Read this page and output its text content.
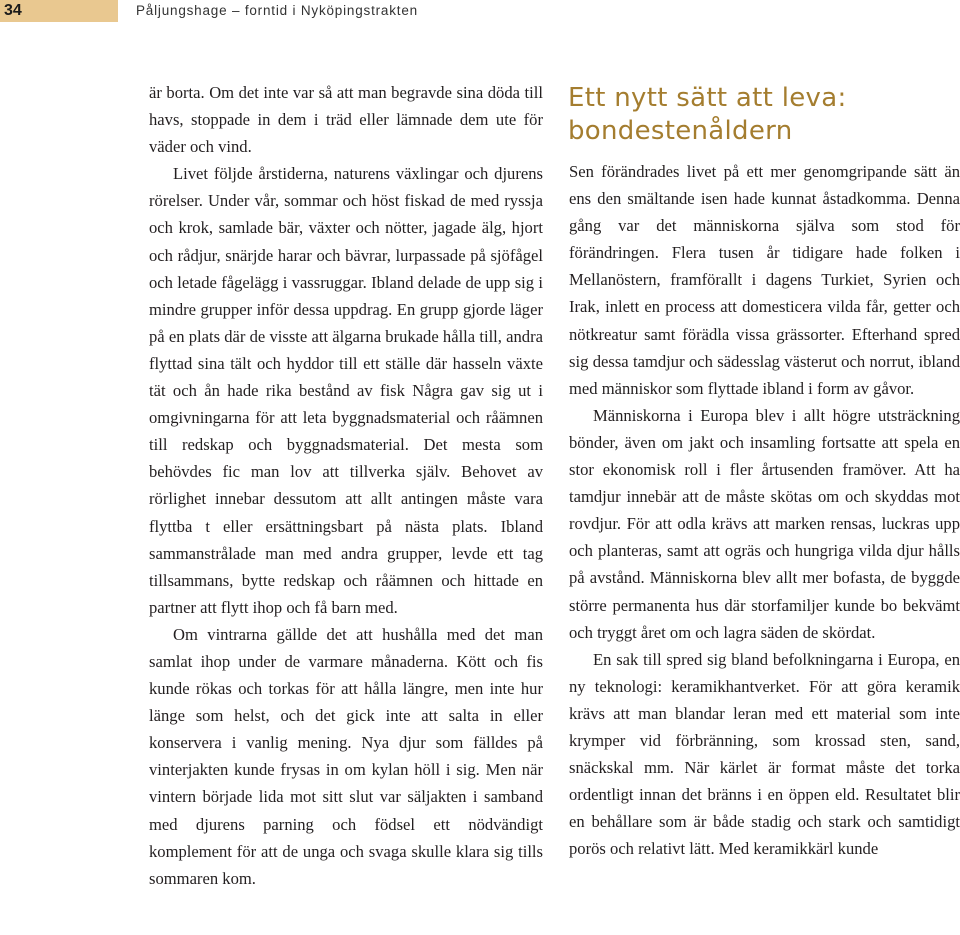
34	Påljungshage – forntid i Nyköpingstrakten

är borta. Om det inte var så att man begravde sina döda till havs, stoppade in dem i träd eller lämnade dem ute för väder och vind.

Livet följde årstiderna, naturens växlingar och djurens rörelser. Under vår, sommar och höst fiskad de med ryssja och krok, samlade bär, växter och nötter, jagade älg, hjort och rådjur, snärjde harar och bävrar, lurpassade på sjöfågel och letade fågelägg i vassruggar. Ibland delade de upp sig i mindre grupper inför dessa uppdrag. En grupp gjorde läger på en plats där de visste att älgarna brukade hålla till, andra flyttad sina tält och hyddor till ett ställe där hasseln växte tät och ån hade rika bestånd av fisk Några gav sig ut i omgivningarna för att leta byggnadsmaterial och råämnen till redskap och byggnadsmaterial. Det mesta som behövdes fic man lov att tillverka själv. Behovet av rörlighet innebar dessutom att allt antingen måste vara flyttba t eller ersättningsbart på nästa plats. Ibland sammanstrålade man med andra grupper, levde ett tag tillsammans, bytte redskap och råämnen och hittade en partner att flytt ihop och få barn med.

Om vintrarna gällde det att hushålla med det man samlat ihop under de varmare månaderna. Kött och fis kunde rökas och torkas för att hålla längre, men inte hur länge som helst, och det gick inte att salta in eller konservera i vanlig mening. Nya djur som fälldes på vinterjakten kunde frysas in om kylan höll i sig. Men när vintern började lida mot sitt slut var säljakten i samband med djurens parning och födsel ett nödvändigt komplement för att de unga och svaga skulle klara sig tills sommaren kom.

Ett nytt sätt att leva: bondestenåldern

Sen förändrades livet på ett mer genomgripande sätt än ens den smältande isen hade kunnat åstadkomma. Denna gång var det människorna själva som stod för förändringen. Flera tusen år tidigare hade folken i Mellanöstern, framförallt i dagens Turkiet, Syrien och Irak, inlett en process att domesticera vilda får, getter och nötkreatur samt förädla vissa grässorter. Efterhand spred sig dessa tamdjur och sädesslag västerut och norrut, ibland med människor som flyttade ibland i form av gåvor.

Människorna i Europa blev i allt högre utsträckning bönder, även om jakt och insamling fortsatte att spela en stor ekonomisk roll i fler årtusenden framöver. Att ha tamdjur innebär att de måste skötas om och skyddas mot rovdjur. För att odla krävs att marken rensas, luckras upp och planteras, samt att ogräs och hungriga vilda djur hålls på avstånd. Människorna blev allt mer bofasta, de byggde större permanenta hus där storfamiljer kunde bo bekvämt och tryggt året om och lagra säden de skördat.

En sak till spred sig bland befolkningarna i Europa, en ny teknologi: keramikhantverket. För att göra keramik krävs att man blandar leran med ett material som inte krymper vid förbränning, som krossad sten, sand, snäckskal mm. När kärlet är format måste det torka ordentligt innan det bränns i en öppen eld. Resultatet blir en behållare som är både stadig och stark och samtidigt porös och relativt lätt. Med keramikkärl kunde
